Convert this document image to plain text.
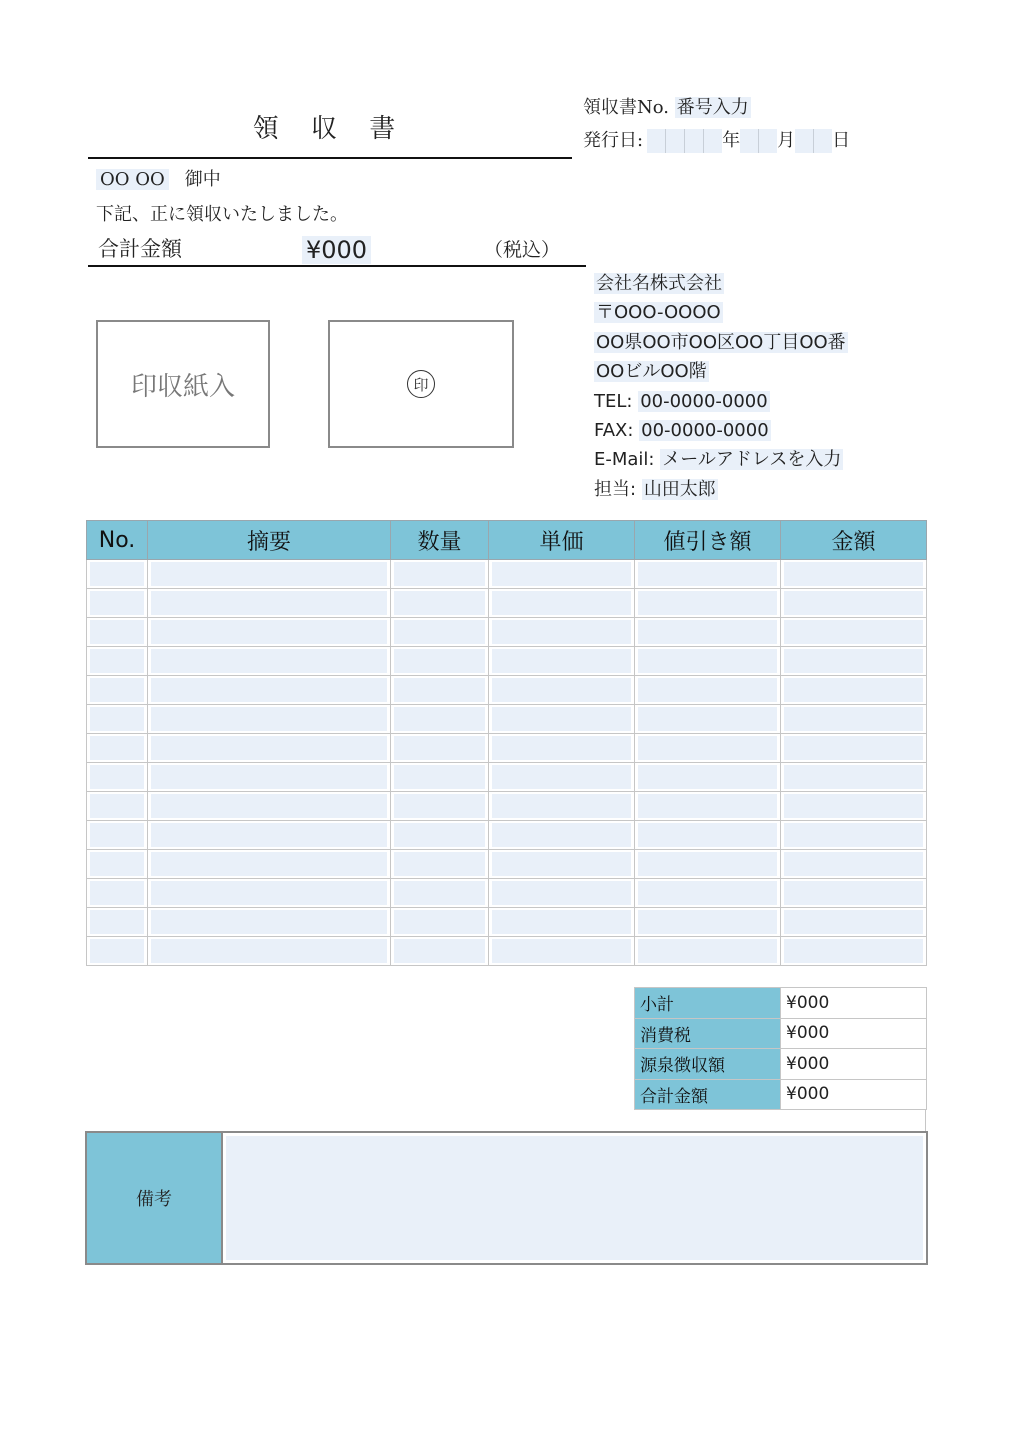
領 収 書
領収書No. 番号入力
発行日:	年 月 日
OO OO 御中
下記、正に領収いたしました。
合計金額	¥000	（税込）
印収紙入	印
会社名株式会社
〒OOO-OOOO
OO県OO市OO区OO丁目OO番
OOビルOO階
TEL: 00-0000-0000
FAX: 00-0000-0000
E-Mail: メールアドレスを入力
担当: 山田太郎
No.	摘要	数量	単価	値引き額	金額

小計	¥000
消費税	¥000
源泉徴収額	¥000
合計金額	¥000
備考
